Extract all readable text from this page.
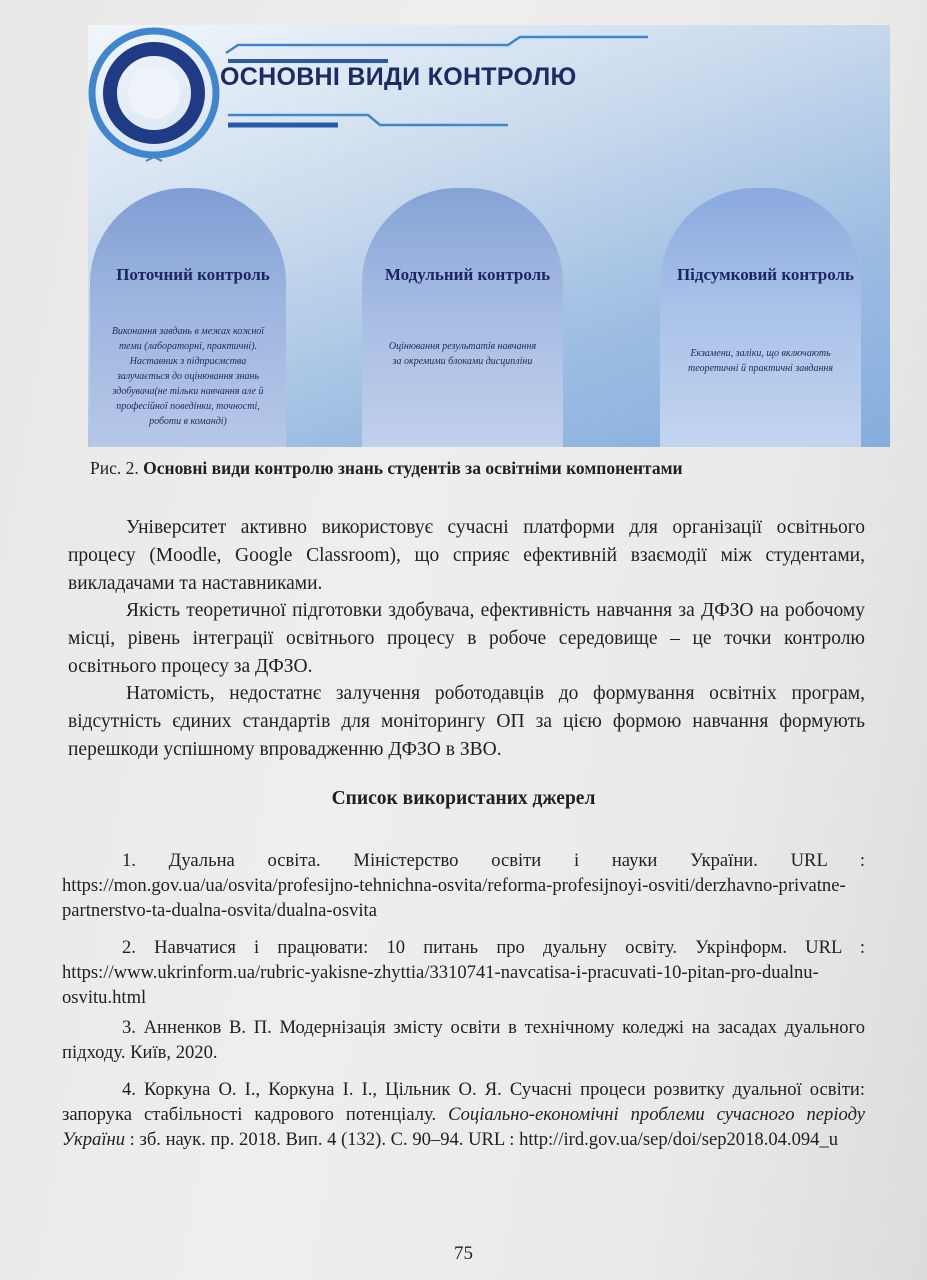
ОСНОВНІ ВИДИ КОНТРОЛЮ
Поточний контроль
Виконання завдань в межах кожної
теми (лабораторні, практичні).
Наставник з підприємства
залучається до оцінювання знань
здобувача(не тільки навчання але й
професійної поведінки, точності,
роботи в команді)
Модульний контроль
Оцінювання результатів навчання
за окремими блоками дисципліни
Підсумковий контроль
Екзамени, заліки, що включають
теоретичні й практичні завдання
Рис. 2. Основні види контролю знань студентів за освітніми компонентами

Університет активно використовує сучасні платформи для організації освітнього процесу (Moodle, Google Classroom), що сприяє ефективній взаємодії між студентами, викладачами та наставниками.

Якість теоретичної підготовки здобувача, ефективність навчання за ДФЗО на робочому місці, рівень інтеграції освітнього процесу в робоче середовище – це точки контролю освітнього процесу за ДФЗО.

Натомість, недостатнє залучення роботодавців до формування освітніх програм, відсутність єдиних стандартів для моніторингу ОП за цією формою навчання формують перешкоди успішному впровадженню ДФЗО в ЗВО.

Список використаних джерел

1. Дуальна освіта. Міністерство освіти і науки України. URL : https://mon.gov.ua/ua/osvita/profesijno-tehnichna-osvita/reforma-profesijnoyi-osviti/derzhavno-privatne-partnerstvo-ta-dualna-osvita/dualna-osvita

2. Навчатися і працювати: 10 питань про дуальну освіту. Укрінформ. URL : https://www.ukrinform.ua/rubric-yakisne-zhyttia/3310741-navcatisa-i-pracuvati-10-pitan-pro-dualnu-osvitu.html

3. Анненков В. П. Модернізація змісту освіти в технічному коледжі на засадах дуального підходу. Київ, 2020.

4. Коркуна О. І., Коркуна І. І., Цільник О. Я. Сучасні процеси розвитку дуальної освіти: запорука стабільності кадрового потенціалу. Соціально-економічні проблеми сучасного періоду України : зб. наук. пр. 2018. Вип. 4 (132). С. 90–94. URL : http://ird.gov.ua/sep/doi/sep2018.04.094_u

75
